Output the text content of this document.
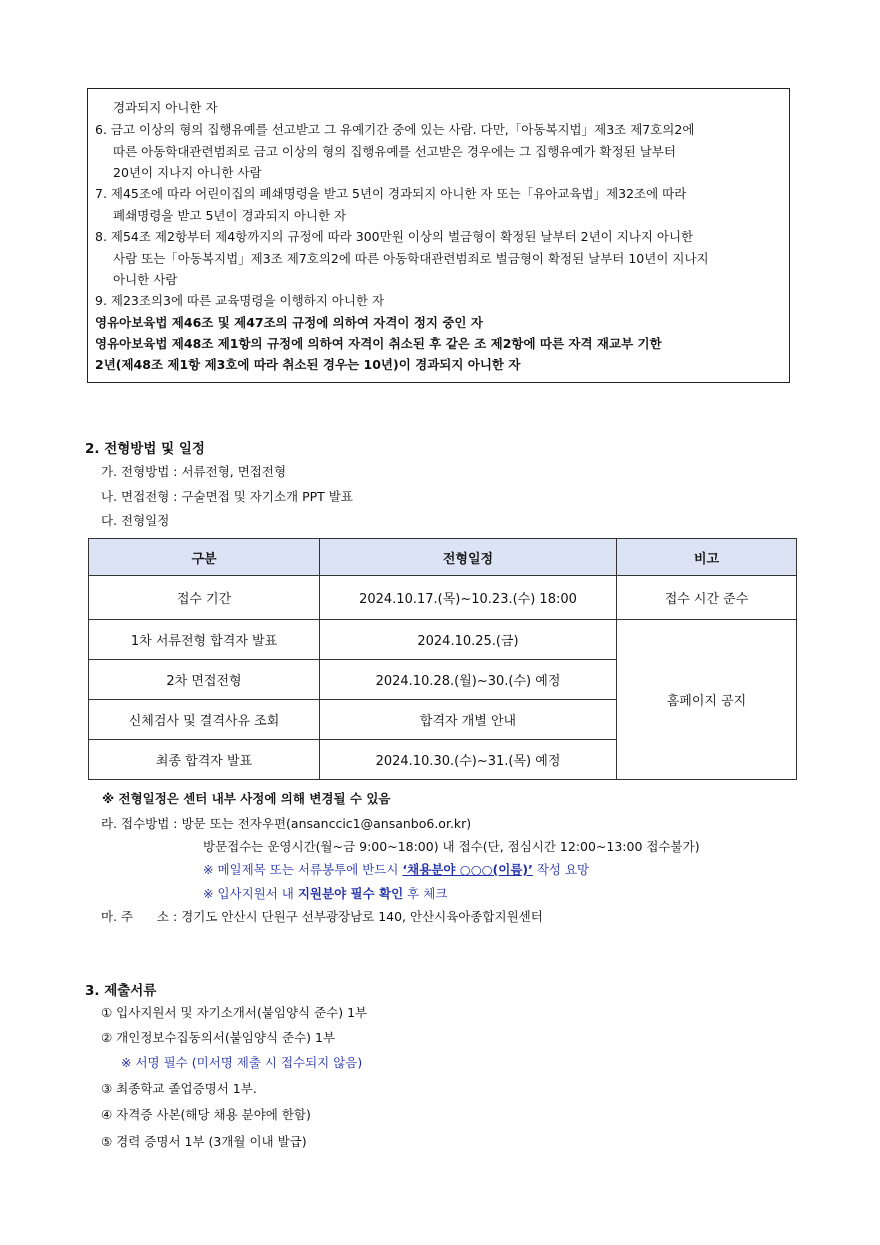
경과되지 아니한 자
6. 금고 이상의 형의 집행유예를 선고받고 그 유예기간 중에 있는 사람. 다만,「아동복지법」제3조 제7호의2에
따른 아동학대관련범죄로 금고 이상의 형의 집행유예를 선고받은 경우에는 그 집행유예가 확정된 날부터
20년이 지나지 아니한 사람
7. 제45조에 따라 어린이집의 폐쇄명령을 받고 5년이 경과되지 아니한 자 또는「유아교육법」제32조에 따라
폐쇄명령을 받고 5년이 경과되지 아니한 자
8. 제54조 제2항부터 제4항까지의 규정에 따라 300만원 이상의 벌금형이 확정된 날부터 2년이 지나지 아니한
사람 또는「아동복지법」제3조 제7호의2에 따른 아동학대관련범죄로 벌금형이 확정된 날부터 10년이 지나지
아니한 사람
9. 제23조의3에 따른 교육명령을 이행하지 아니한 자
영유아보육법 제46조 및 제47조의 규정에 의하여 자격이 정지 중인 자
영유아보육법 제48조 제1항의 규정에 의하여 자격이 취소된 후 같은 조 제2항에 따른 자격 재교부 기한
2년(제48조 제1항 제3호에 따라 취소된 경우는 10년)이 경과되지 아니한 자
2. 전형방법 및 일정
가. 전형방법 : 서류전형, 면접전형
나. 면접전형 : 구술면접 및 자기소개 PPT 발표
다. 전형일정
구분	전형일정	비고
접수 기간	2024.10.17.(목)~10.23.(수) 18:00	접수 시간 준수
1차 서류전형 합격자 발표	2024.10.25.(금)	홈페이지 공지
2차 면접전형	2024.10.28.(월)~30.(수) 예정	
신체검사 및 결격사유 조회	합격자 개별 안내	
최종 합격자 발표	2024.10.30.(수)~31.(목) 예정	
※ 전형일정은 센터 내부 사정에 의해 변경될 수 있음
라. 접수방법 : 방문 또는 전자우편(ansanccic1@ansanbo6.or.kr)
방문접수는 운영시간(월~금 9:00~18:00) 내 접수(단, 점심시간 12:00~13:00 접수불가)
※ 메일제목 또는 서류봉투에 반드시 ‘채용분야 ○○○(이름)’ 작성 요망
※ 입사지원서 내 지원분야 필수 확인 후 체크
마. 주      소 : 경기도 안산시 단원구 선부광장남로 140, 안산시육아종합지원센터
3. 제출서류
① 입사지원서 및 자기소개서(붙임양식 준수) 1부
② 개인정보수집동의서(붙임양식 준수) 1부
※ 서명 필수 (미서명 제출 시 접수되지 않음)
③ 최종학교 졸업증명서 1부.
④ 자격증 사본(해당 채용 분야에 한함)
⑤ 경력 증명서 1부 (3개월 이내 발급)
